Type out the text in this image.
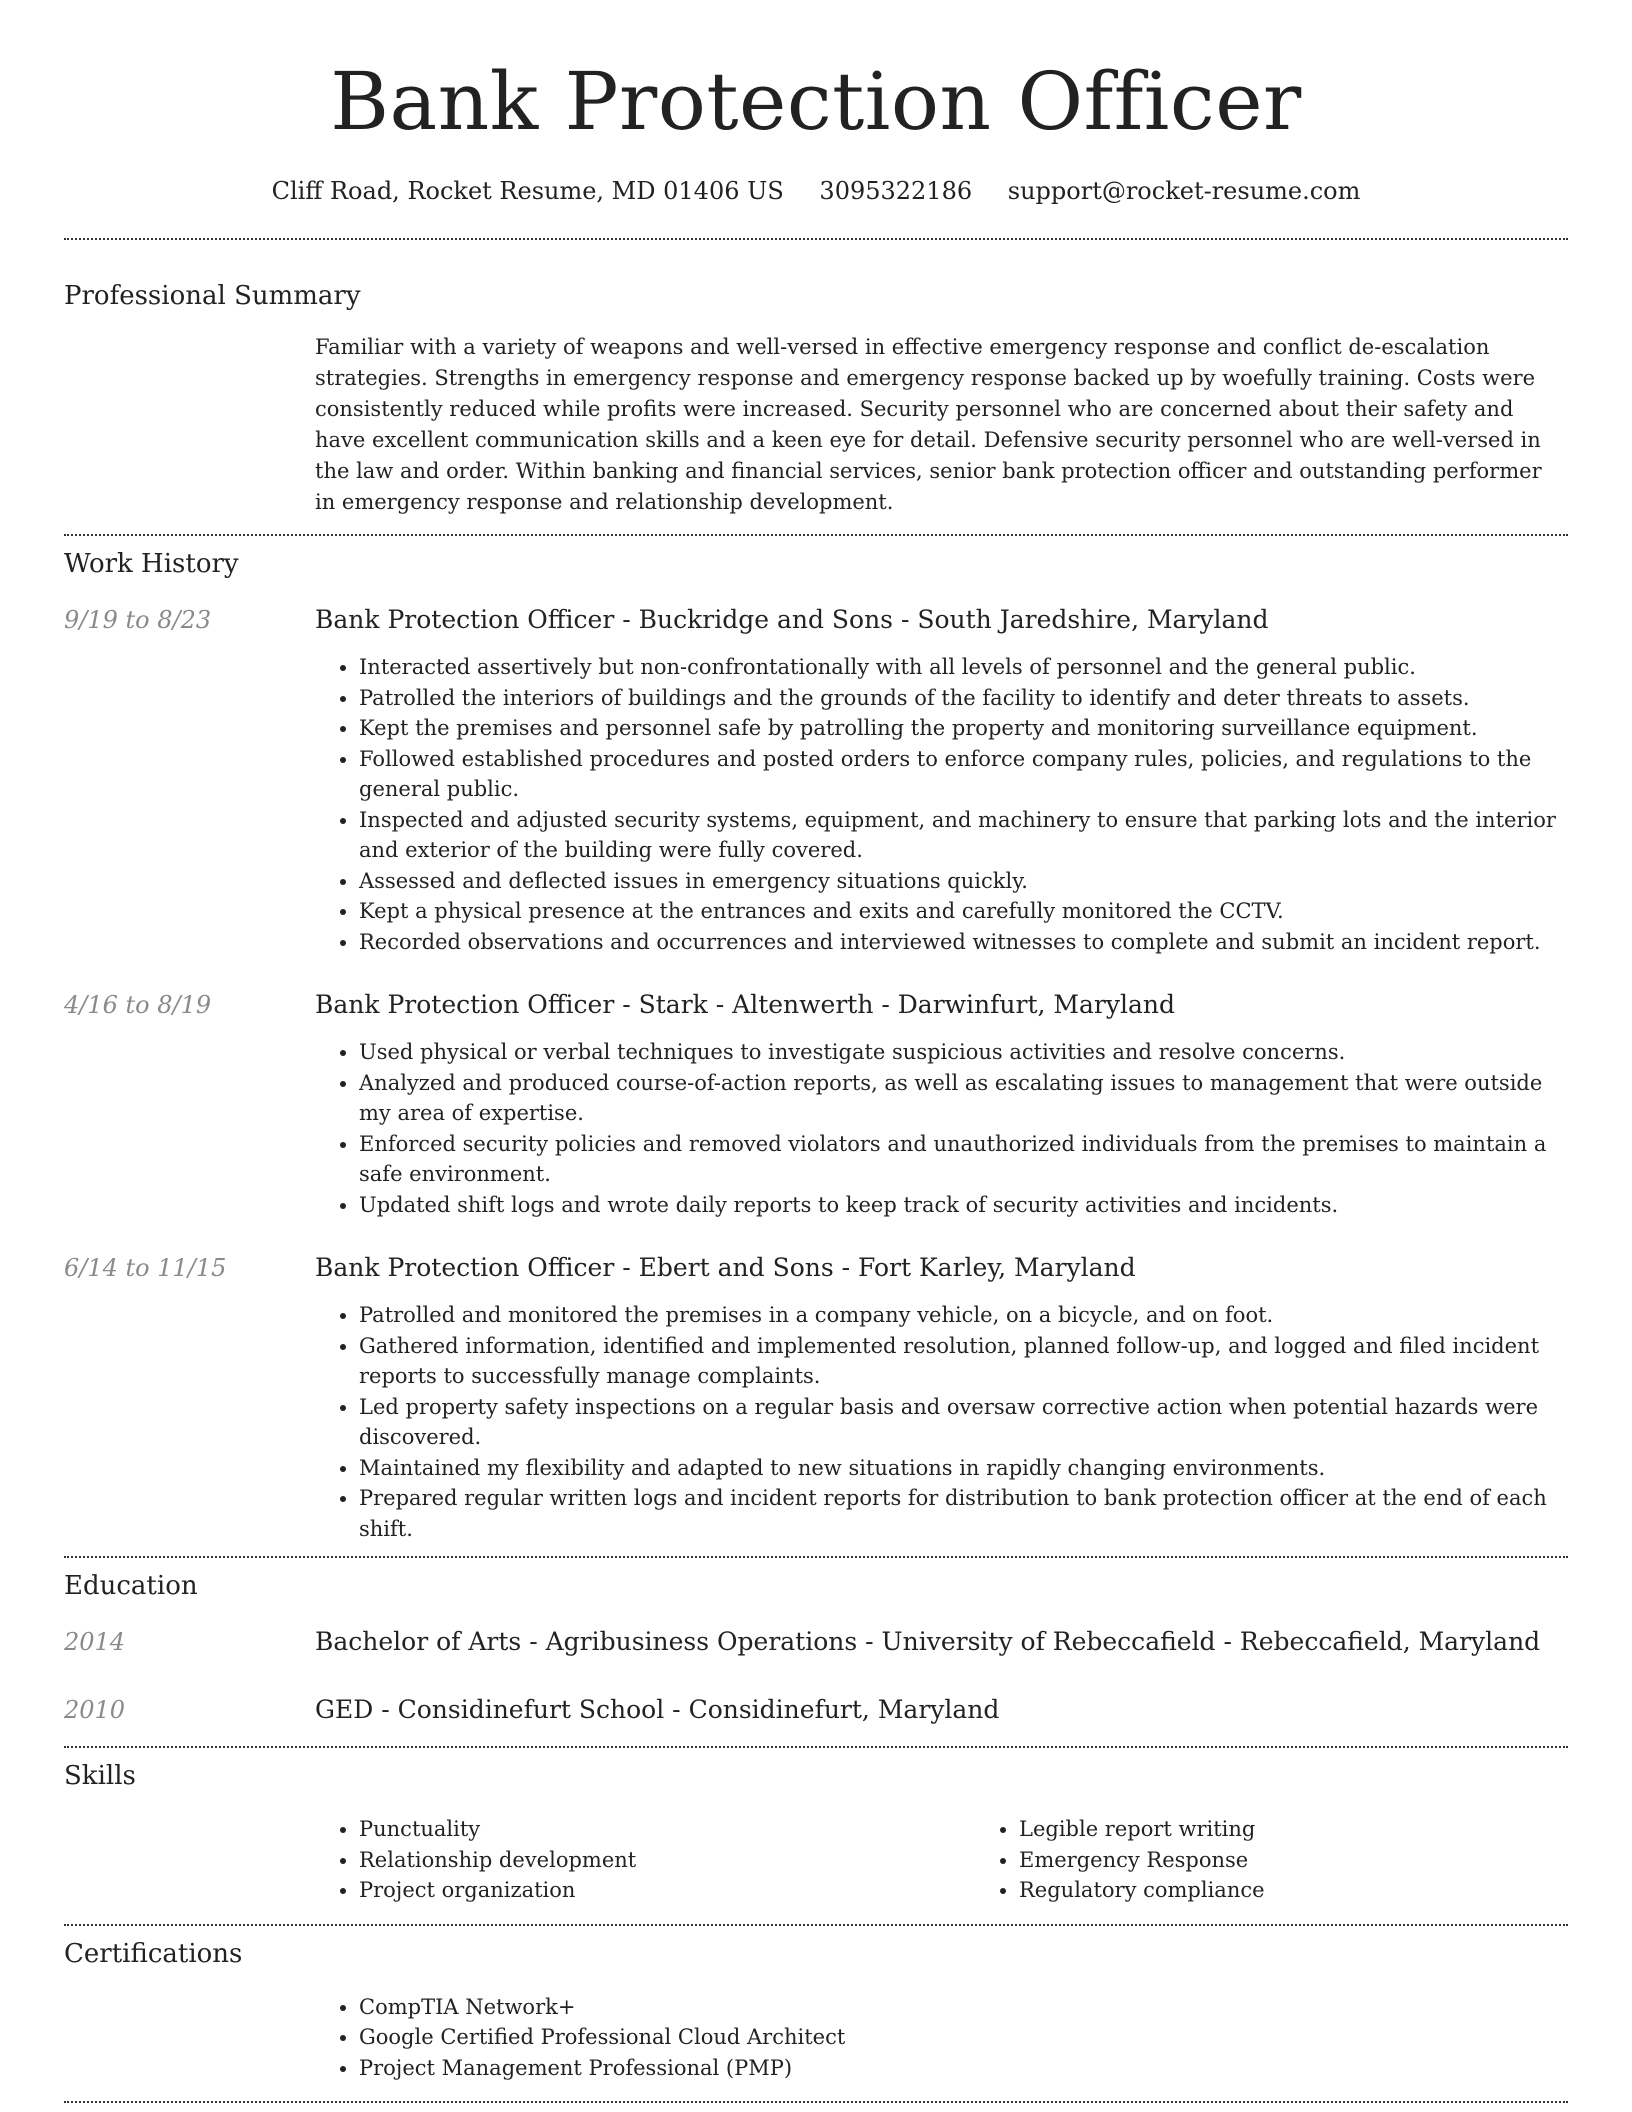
Bank Protection Officer
Cliff Road, Rocket Resume, MD 01406 US 3095322186 support@rocket-resume.com
Professional Summary
Familiar with a variety of weapons and well-versed in effective emergency response and conflict de-escalation strategies. Strengths in emergency response and emergency response backed up by woefully training. Costs were consistently reduced while profits were increased. Security personnel who are concerned about their safety and have excellent communication skills and a keen eye for detail. Defensive security personnel who are well-versed in the law and order. Within banking and financial services, senior bank protection officer and outstanding performer in emergency response and relationship development.
Work History
9/19 to 8/23	Bank Protection Officer - Buckridge and Sons - South Jaredshire, Maryland
• Interacted assertively but non-confrontationally with all levels of personnel and the general public.
• Patrolled the interiors of buildings and the grounds of the facility to identify and deter threats to assets.
• Kept the premises and personnel safe by patrolling the property and monitoring surveillance equipment.
• Followed established procedures and posted orders to enforce company rules, policies, and regulations to the general public.
• Inspected and adjusted security systems, equipment, and machinery to ensure that parking lots and the interior and exterior of the building were fully covered.
• Assessed and deflected issues in emergency situations quickly.
• Kept a physical presence at the entrances and exits and carefully monitored the CCTV.
• Recorded observations and occurrences and interviewed witnesses to complete and submit an incident report.
4/16 to 8/19	Bank Protection Officer - Stark - Altenwerth - Darwinfurt, Maryland
• Used physical or verbal techniques to investigate suspicious activities and resolve concerns.
• Analyzed and produced course-of-action reports, as well as escalating issues to management that were outside my area of expertise.
• Enforced security policies and removed violators and unauthorized individuals from the premises to maintain a safe environment.
• Updated shift logs and wrote daily reports to keep track of security activities and incidents.
6/14 to 11/15	Bank Protection Officer - Ebert and Sons - Fort Karley, Maryland
• Patrolled and monitored the premises in a company vehicle, on a bicycle, and on foot.
• Gathered information, identified and implemented resolution, planned follow-up, and logged and filed incident reports to successfully manage complaints.
• Led property safety inspections on a regular basis and oversaw corrective action when potential hazards were discovered.
• Maintained my flexibility and adapted to new situations in rapidly changing environments.
• Prepared regular written logs and incident reports for distribution to bank protection officer at the end of each shift.
Education
2014	Bachelor of Arts - Agribusiness Operations - University of Rebeccafield - Rebeccafield, Maryland
2010	GED - Considinefurt School - Considinefurt, Maryland
Skills
• Punctuality
• Relationship development
• Project organization
• Legible report writing
• Emergency Response
• Regulatory compliance
Certifications
• CompTIA Network+
• Google Certified Professional Cloud Architect
• Project Management Professional (PMP)
